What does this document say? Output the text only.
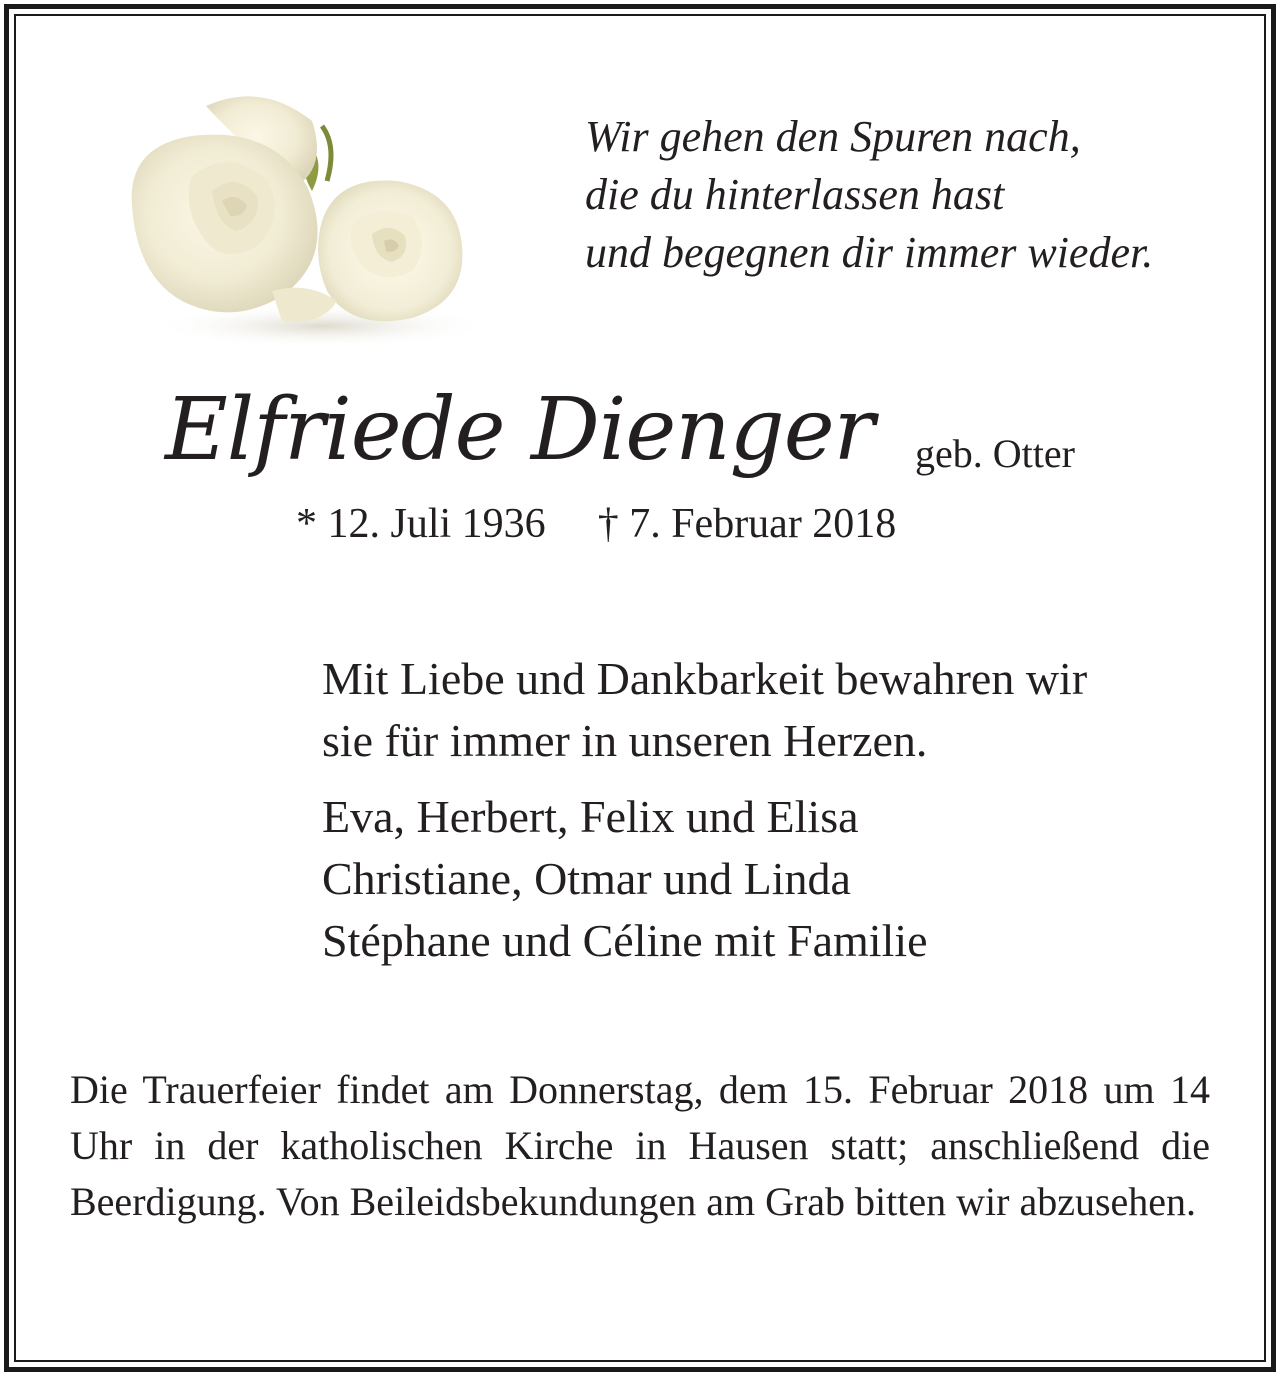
Wir gehen den Spuren nach,
die du hinterlassen hast
und begegnen dir immer wieder.
Elfriede Dienger geb. Otter
* 12. Juli 1936 † 7. Februar 2018
Mit Liebe und Dankbarkeit bewahren wir
sie für immer in unseren Herzen.
Eva, Herbert, Felix und Elisa
Christiane, Otmar und Linda
Stéphane und Céline mit Familie
Die Trauerfeier findet am Donnerstag, dem 15. Februar 2018 um 14 Uhr in der katholischen Kirche in Hausen statt; anschließend die Beerdigung. Von Beileidsbekundungen am Grab bitten wir abzusehen.
